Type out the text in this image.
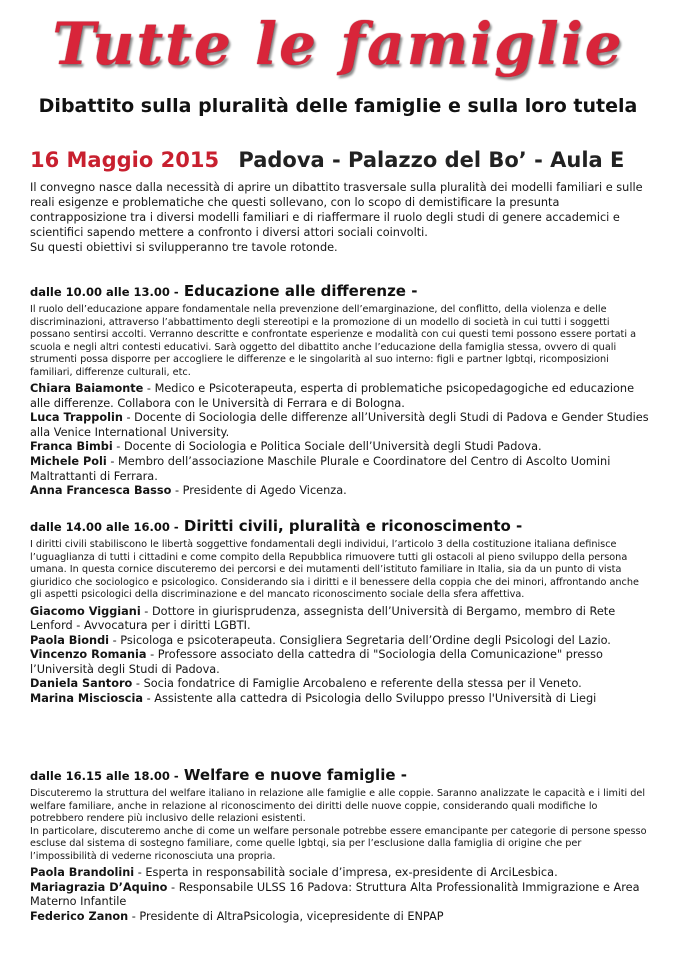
Tutte le famiglie
Dibattito sulla pluralità delle famiglie e sulla loro tutela
16 Maggio 2015 Padova - Palazzo del Bo’ - Aula E
Il convegno nasce dalla necessità di aprire un dibattito trasversale sulla pluralità dei modelli familiari e sulle reali esigenze e problematiche che questi sollevano, con lo scopo di demistificare la presunta contrapposizione tra i diversi modelli familiari e di riaffermare il ruolo degli studi di genere accademici e scientifici sapendo mettere a confronto i diversi attori sociali coinvolti.
Su questi obiettivi si svilupperanno tre tavole rotonde.
dalle 10.00 alle 13.00 - Educazione alle differenze -
Il ruolo dell’educazione appare fondamentale nella prevenzione dell’emarginazione, del conflitto, della violenza e delle discriminazioni, attraverso l’abbattimento degli stereotipi e la promozione di un modello di società in cui tutti i soggetti possano sentirsi accolti. Verranno descritte e confrontate esperienze e modalità con cui questi temi possono essere portati a scuola e negli altri contesti educativi. Sarà oggetto del dibattito anche l’educazione della famiglia stessa, ovvero di quali strumenti possa disporre per accogliere le differenze e le singolarità al suo interno: figli e partner lgbtqi, ricomposizioni familiari, differenze culturali, etc.
Chiara Baiamonte - Medico e Psicoterapeuta, esperta di problematiche psicopedagogiche ed educazione alle differenze. Collabora con le Università di Ferrara e di Bologna.
Luca Trappolin - Docente di Sociologia delle differenze all’Università degli Studi di Padova e Gender Studies alla Venice International University.
Franca Bimbi - Docente di Sociologia e Politica Sociale dell’Università degli Studi Padova.
Michele Poli - Membro dell’associazione Maschile Plurale e Coordinatore del Centro di Ascolto Uomini Maltrattanti di Ferrara.
Anna Francesca Basso - Presidente di Agedo Vicenza.
dalle 14.00 alle 16.00 - Diritti civili, pluralità e riconoscimento -
I diritti civili stabiliscono le libertà soggettive fondamentali degli individui, l’articolo 3 della costituzione italiana definisce l’uguaglianza di tutti i cittadini e come compito della Repubblica rimuovere tutti gli ostacoli al pieno sviluppo della persona umana. In questa cornice discuteremo dei percorsi e dei mutamenti dell’istituto familiare in Italia, sia da un punto di vista giuridico che sociologico e psicologico. Considerando sia i diritti e il benessere della coppia che dei minori, affrontando anche gli aspetti psicologici della discriminazione e del mancato riconoscimento sociale della sfera affettiva.
Giacomo Viggiani - Dottore in giurisprudenza, assegnista dell’Università di Bergamo, membro di Rete Lenford - Avvocatura per i diritti LGBTI.
Paola Biondi - Psicologa e psicoterapeuta. Consigliera Segretaria dell’Ordine degli Psicologi del Lazio.
Vincenzo Romania - Professore associato della cattedra di "Sociologia della Comunicazione" presso l’Università degli Studi di Padova.
Daniela Santoro - Socia fondatrice di Famiglie Arcobaleno e referente della stessa per il Veneto.
Marina Miscioscia - Assistente alla cattedra di Psicologia dello Sviluppo presso l'Università di Liegi
dalle 16.15 alle 18.00 - Welfare e nuove famiglie -
Discuteremo la struttura del welfare italiano in relazione alle famiglie e alle coppie. Saranno analizzate le capacità e i limiti del welfare familiare, anche in relazione al riconoscimento dei diritti delle nuove coppie, considerando quali modifiche lo potrebbero rendere più inclusivo delle relazioni esistenti.
In particolare, discuteremo anche di come un welfare personale potrebbe essere emancipante per categorie di persone spesso escluse dal sistema di sostegno familiare, come quelle lgbtqi, sia per l’esclusione dalla famiglia di origine che per l’impossibilità di vederne riconosciuta una propria.
Paola Brandolini - Esperta in responsabilità sociale d’impresa, ex-presidente di ArciLesbica.
Mariagrazia D’Aquino - Responsabile ULSS 16 Padova: Struttura Alta Professionalità Immigrazione e Area Materno Infantile
Federico Zanon - Presidente di AltraPsicologia, vicepresidente di ENPAP
